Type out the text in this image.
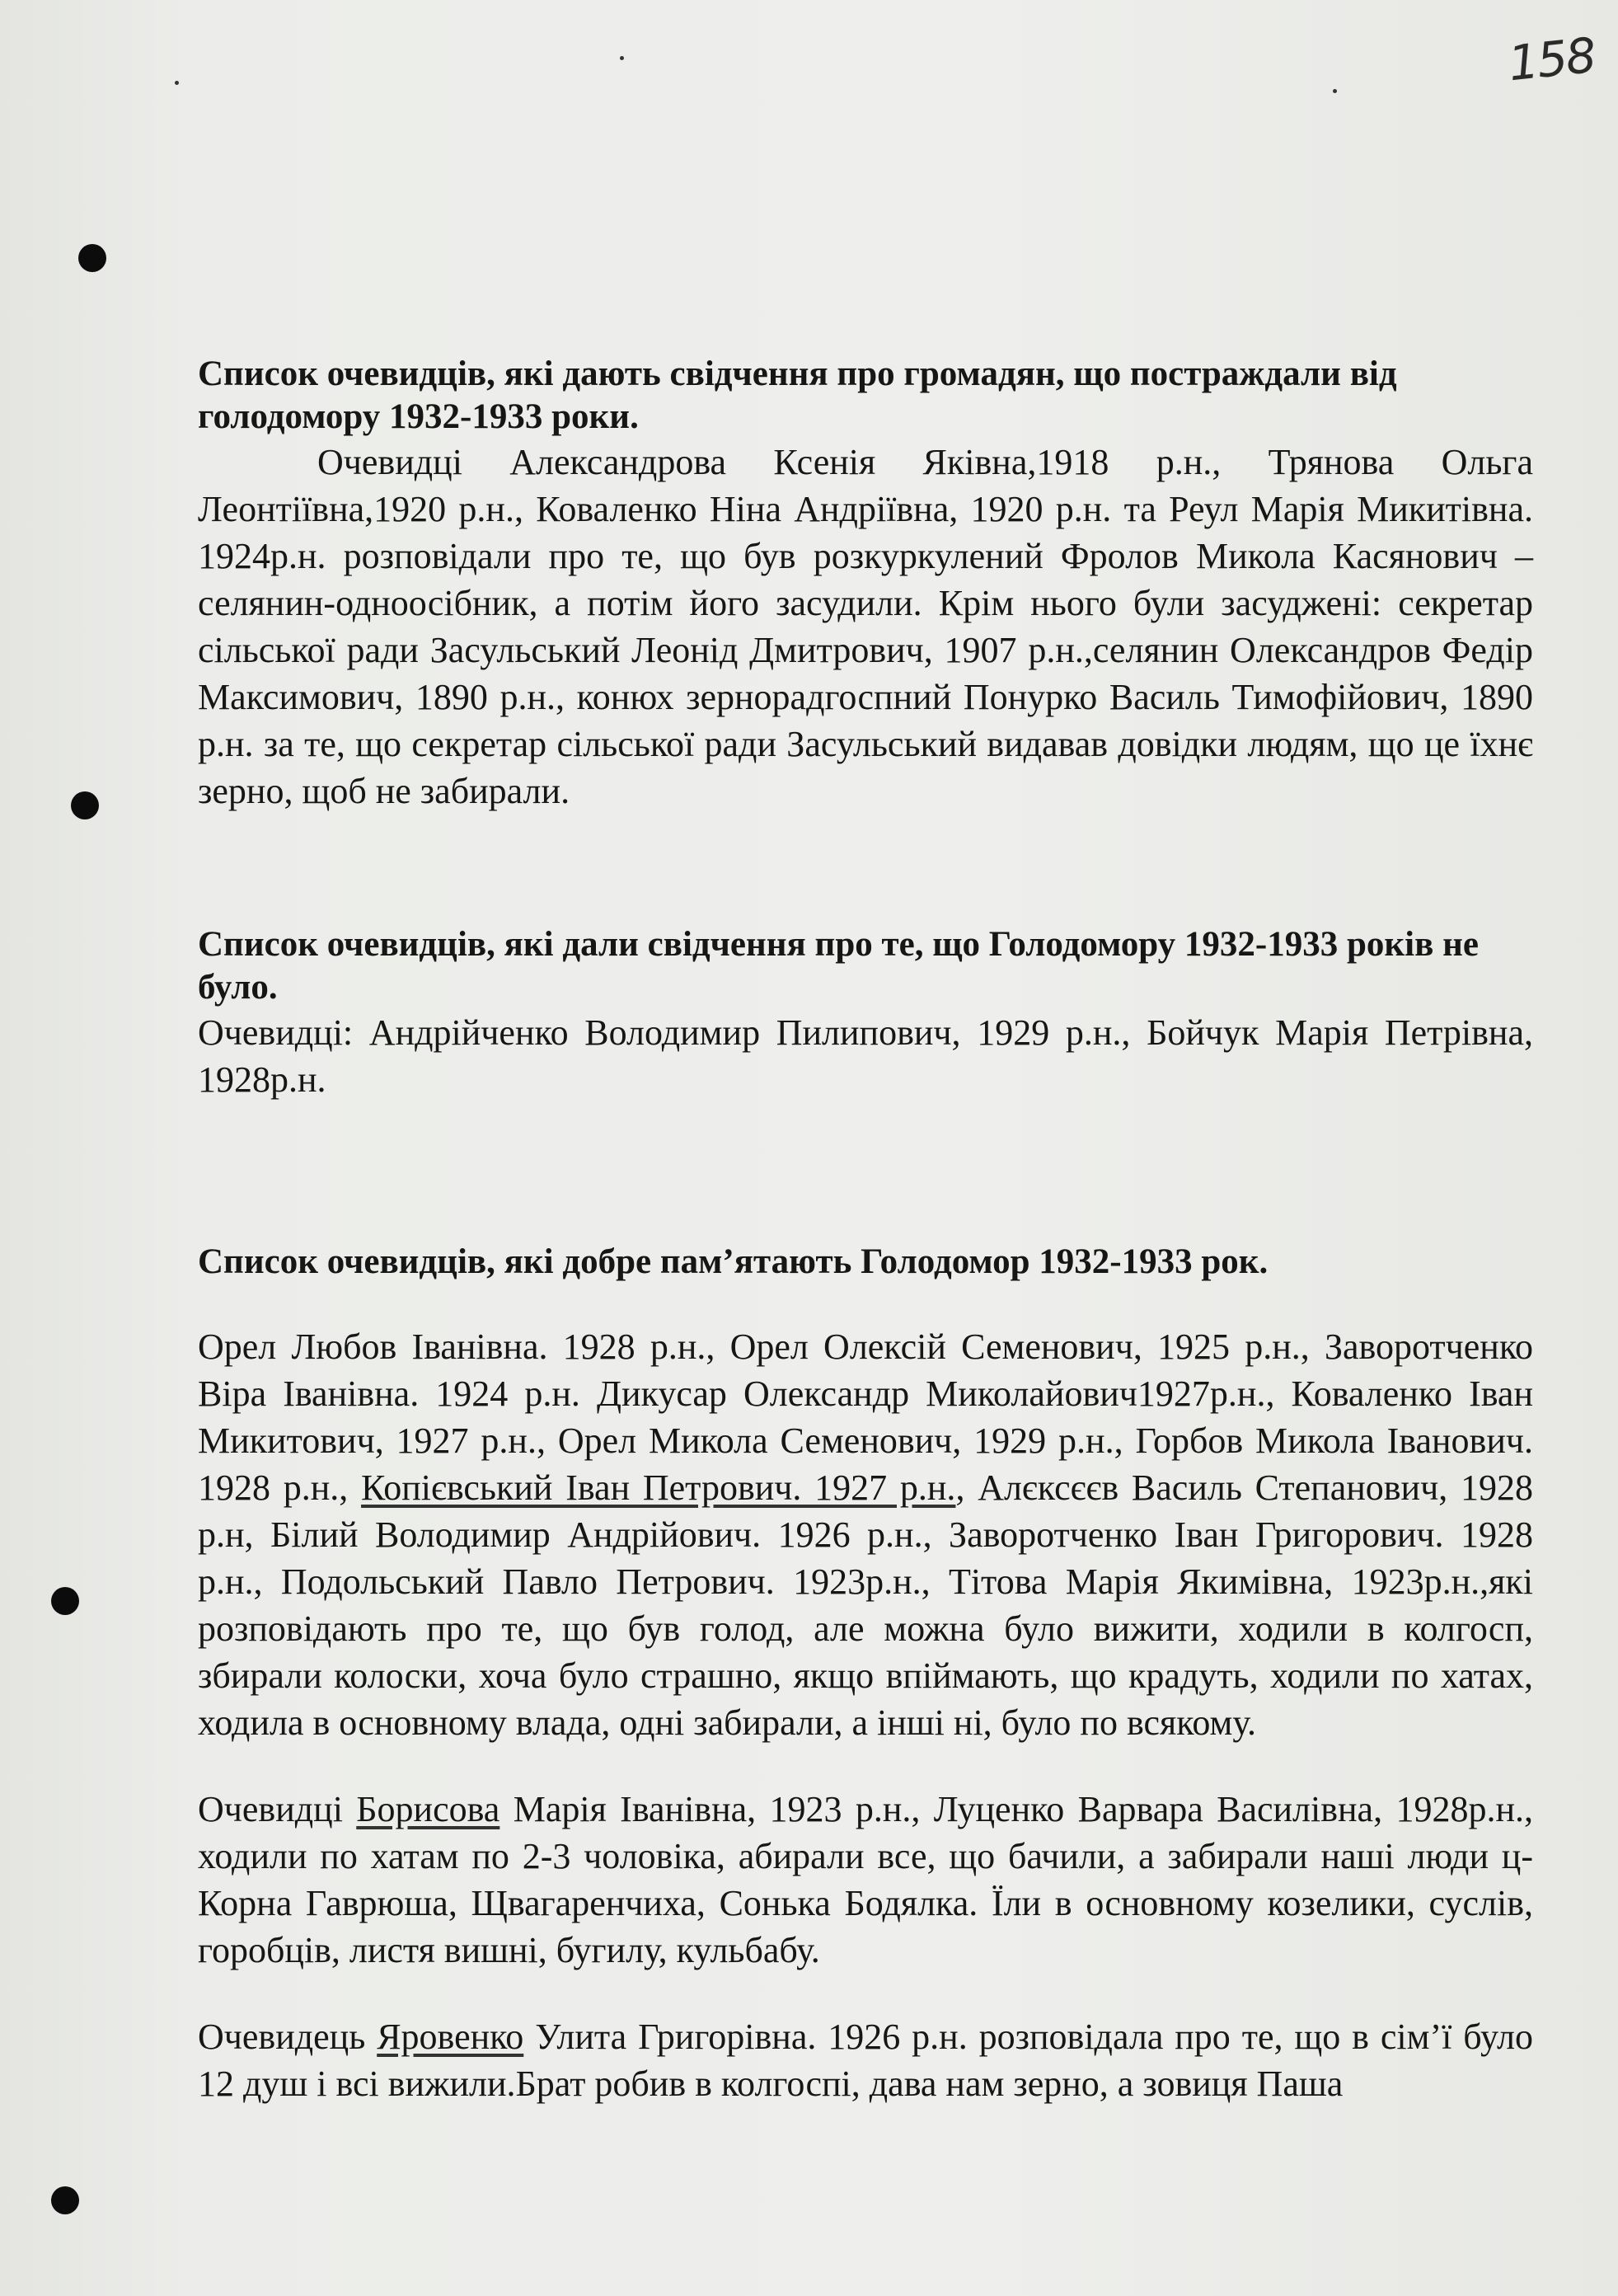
158

Список очевидців, які дають свідчення про громадян, що постраждали від голодомору 1932-1933 роки.

Очевидці Александрова Ксенія Яківна,1918 р.н., Трянова Ольга Леонтіївна,1920 р.н., Коваленко Ніна Андріївна, 1920 р.н. та Реул Марія Микитівна. 1924р.н. розповідали про те, що був розкуркулений Фролов Микола Касянович – селянин-одноосібник, а потім його засудили. Крім нього були засуджені: секретар сільської ради Засульський Леонід Дмитрович, 1907 р.н.,селянин Олександров Федір Максимович, 1890 р.н., конюх зернорадгоспний Понурко Василь Тимофійович, 1890 р.н. за те, що секретар сільської ради Засульський видавав довідки людям, що це їхнє зерно, щоб не забирали.

Список очевидців, які дали свідчення про те, що Голодомору 1932-1933 років не було.

Очевидці: Андрійченко Володимир Пилипович, 1929 р.н., Бойчук Марія Петрівна, 1928р.н.

Список очевидців, які добре пам’ятають Голодомор 1932-1933 рок.

Орел Любов Іванівна. 1928 р.н., Орел Олексій Семенович, 1925 р.н., Заворотченко Віра Іванівна. 1924 р.н. Дикусар Олександр Миколайович1927р.н., Коваленко Іван Микитович, 1927 р.н., Орел Микола Семенович, 1929 р.н., Горбов Микола Іванович. 1928 р.н., Копієвський Іван Петрович. 1927 р.н., Алєксєєв Василь Степанович, 1928 р.н, Білий Володимир Андрійович. 1926 р.н., Заворотченко Іван Григорович. 1928 р.н., Подольський Павло Петрович. 1923р.н., Тітова Марія Якимівна, 1923р.н.,які розповідають про те, що був голод, але можна було вижити, ходили в колгосп, збирали колоски, хоча було страшно, якщо впіймають, що крадуть, ходили по хатах, ходила в основному влада, одні забирали, а інші ні, було по всякому.

Очевидці Борисова Марія Іванівна, 1923 р.н., Луценко Варвара Василівна, 1928р.н., ходили по хатам по 2-3 чоловіка, абирали все, що бачили, а забирали наші люди ц- Корна Гаврюша, Щвагаренчиха, Сонька Бодялка. Їли в основному козелики, суслів, горобців, листя вишні, бугилу, кульбабу.

Очевидець Яровенко Улита Григорівна. 1926 р.н. розповідала про те, що в сім’ї було 12 душ і всі вижили.Брат робив в колгоспі, дава нам зерно, а зовиця Паша
